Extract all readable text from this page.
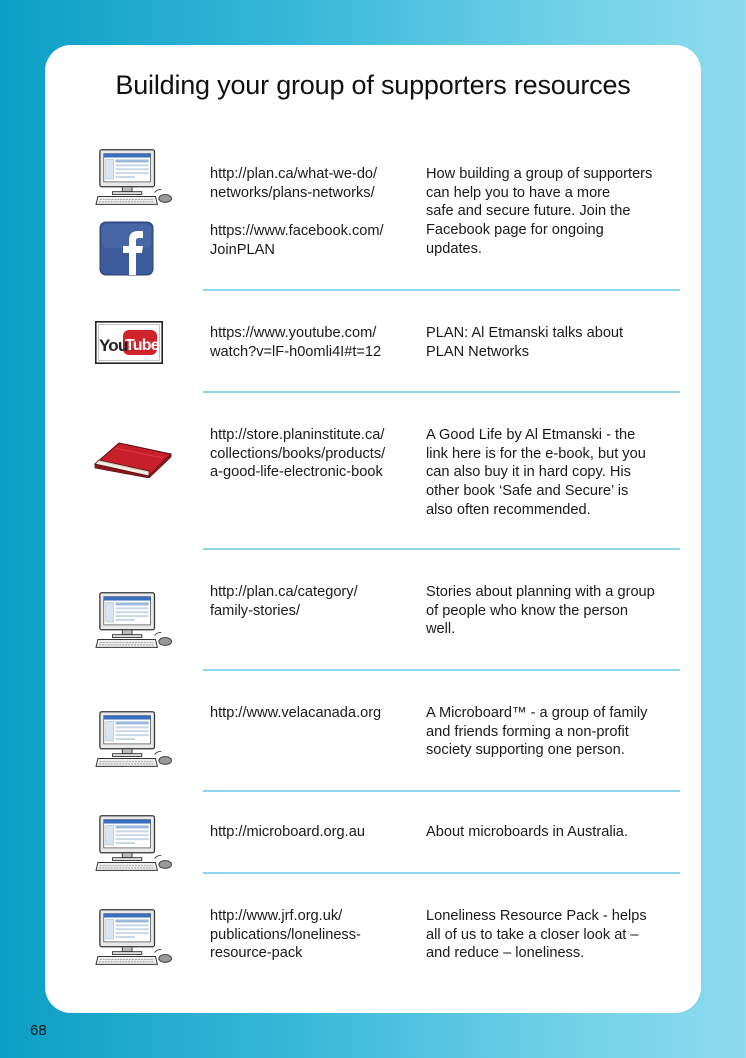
Building your group of supporters resources
http://plan.ca/what-we-do/
networks/plans-networks/
https://www.facebook.com/
JoinPLAN
How building a group of supporters
can help you to have a more
safe and secure future. Join the
Facebook page for ongoing
updates.
You
Tube
https://www.youtube.com/
watch?v=lF-h0omli4I#t=12
PLAN: Al Etmanski talks about
PLAN Networks
http://store.planinstitute.ca/
collections/books/products/
a-good-life-electronic-book
A Good Life by Al Etmanski - the
link here is for the e-book, but you
can also buy it in hard copy. His
other book ‘Safe and Secure’ is
also often recommended.
http://plan.ca/category/
family-stories/
Stories about planning with a group
of people who know the person
well.
http://www.velacanada.org	A Microboard™ - a group of family
and friends forming a non-profit
society supporting one person.
http://microboard.org.au	About microboards in Australia.
http://www.jrf.org.uk/
publications/loneliness-
resource-pack
Loneliness Resource Pack - helps
all of us to take a closer look at –
and reduce – loneliness.
68
